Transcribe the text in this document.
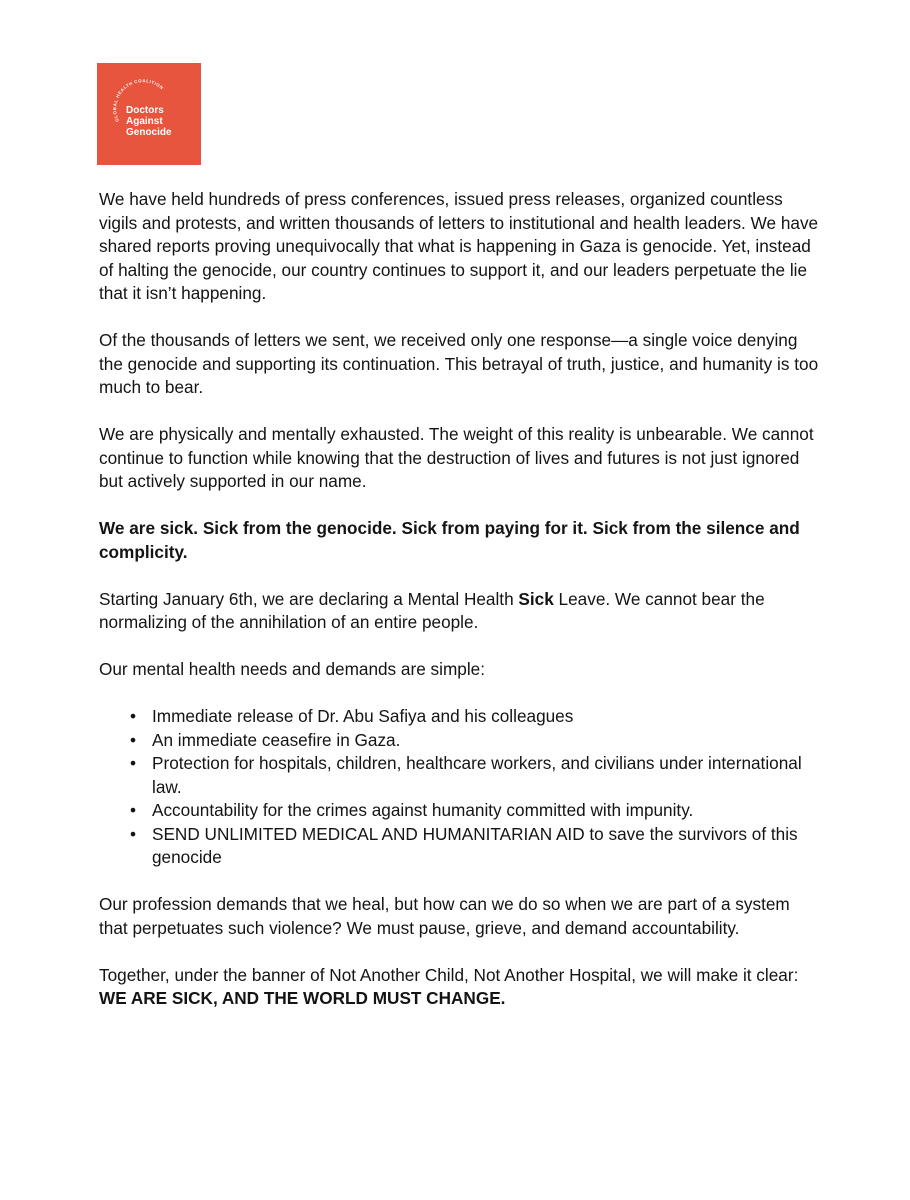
GLOBAL HEALTH COALITION
Doctors
Against
Genocide

We have held hundreds of press conferences, issued press releases, organized countless vigils and protests, and written thousands of letters to institutional and health leaders. We have shared reports proving unequivocally that what is happening in Gaza is genocide. Yet, instead of halting the genocide, our country continues to support it, and our leaders perpetuate the lie that it isn’t happening.

Of the thousands of letters we sent, we received only one response—a single voice denying the genocide and supporting its continuation. This betrayal of truth, justice, and humanity is too much to bear.

We are physically and mentally exhausted. The weight of this reality is unbearable. We cannot continue to function while knowing that the destruction of lives and futures is not just ignored but actively supported in our name.

We are sick. Sick from the genocide. Sick from paying for it. Sick from the silence and complicity.

Starting January 6th, we are declaring a Mental Health Sick Leave. We cannot bear the normalizing of the annihilation of an entire people.

Our mental health needs and demands are simple:

• Immediate release of Dr. Abu Safiya and his colleagues
• An immediate ceasefire in Gaza.
• Protection for hospitals, children, healthcare workers, and civilians under international law.
• Accountability for the crimes against humanity committed with impunity.
• SEND UNLIMITED MEDICAL AND HUMANITARIAN AID to save the survivors of this genocide

Our profession demands that we heal, but how can we do so when we are part of a system that perpetuates such violence? We must pause, grieve, and demand accountability.

Together, under the banner of Not Another Child, Not Another Hospital, we will make it clear: WE ARE SICK, AND THE WORLD MUST CHANGE.
